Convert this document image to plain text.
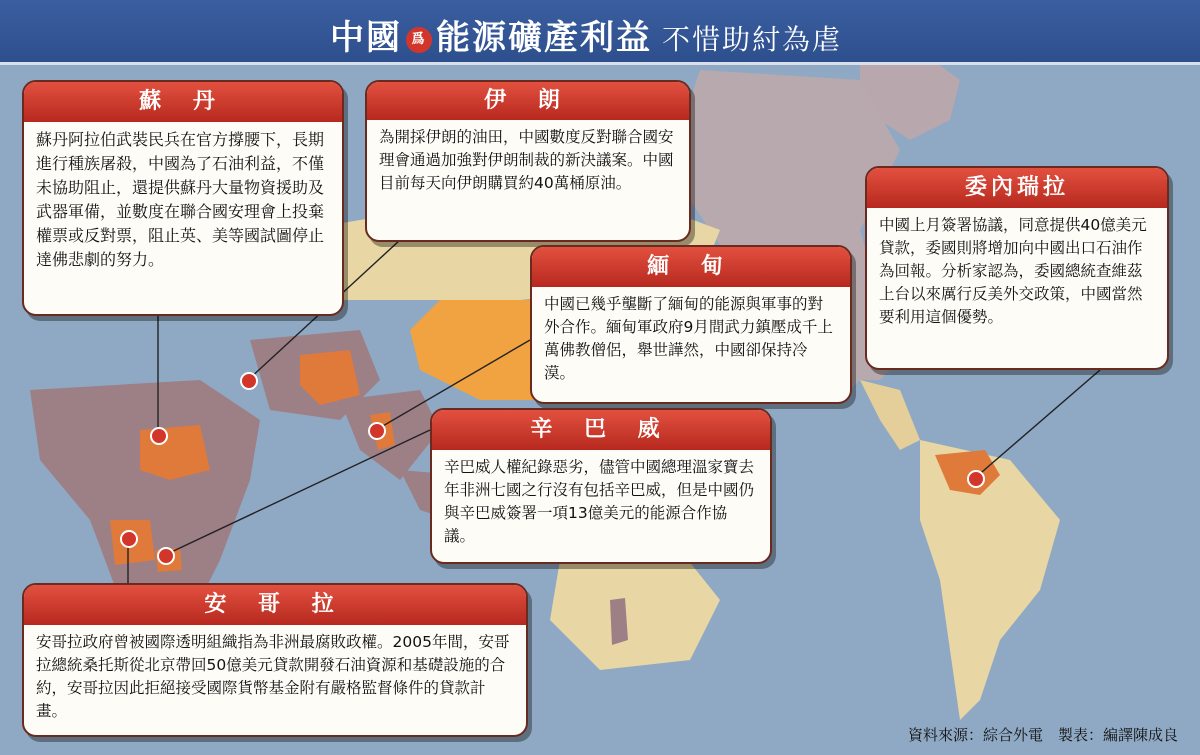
中國 爲 能源礦產利益 不惜助紂為虐
蘇 丹
蘇丹阿拉伯武裝民兵在官方撐腰下，長期進行種族屠殺，中國為了石油利益，不僅未協助阻止，還提供蘇丹大量物資援助及武器軍備，並數度在聯合國安理會上投棄權票或反對票，阻止英、美等國試圖停止達佛悲劇的努力。
伊 朗
為開採伊朗的油田，中國數度反對聯合國安理會通過加強對伊朗制裁的新決議案。中國目前每天向伊朗購買約40萬桶原油。
緬 甸
中國已幾乎壟斷了緬甸的能源與軍事的對外合作。緬甸軍政府9月間武力鎮壓成千上萬佛教僧侶，舉世譁然，中國卻保持冷漠。
委內瑞拉
中國上月簽署協議，同意提供40億美元貸款，委國則將增加向中國出口石油作為回報。分析家認為，委國總統查維茲上台以來厲行反美外交政策，中國當然要利用這個優勢。
辛 巴 威
辛巴威人權紀錄惡劣，儘管中國總理溫家寶去年非洲七國之行沒有包括辛巴威，但是中國仍與辛巴威簽署一項13億美元的能源合作協議。
安 哥 拉
安哥拉政府曾被國際透明組織指為非洲最腐敗政權。2005年間，安哥拉總統桑托斯從北京帶回50億美元貸款開發石油資源和基礎設施的合約，安哥拉因此拒絕接受國際貨幣基金附有嚴格監督條件的貸款計畫。
資料來源：綜合外電　製表：編譯陳成良
